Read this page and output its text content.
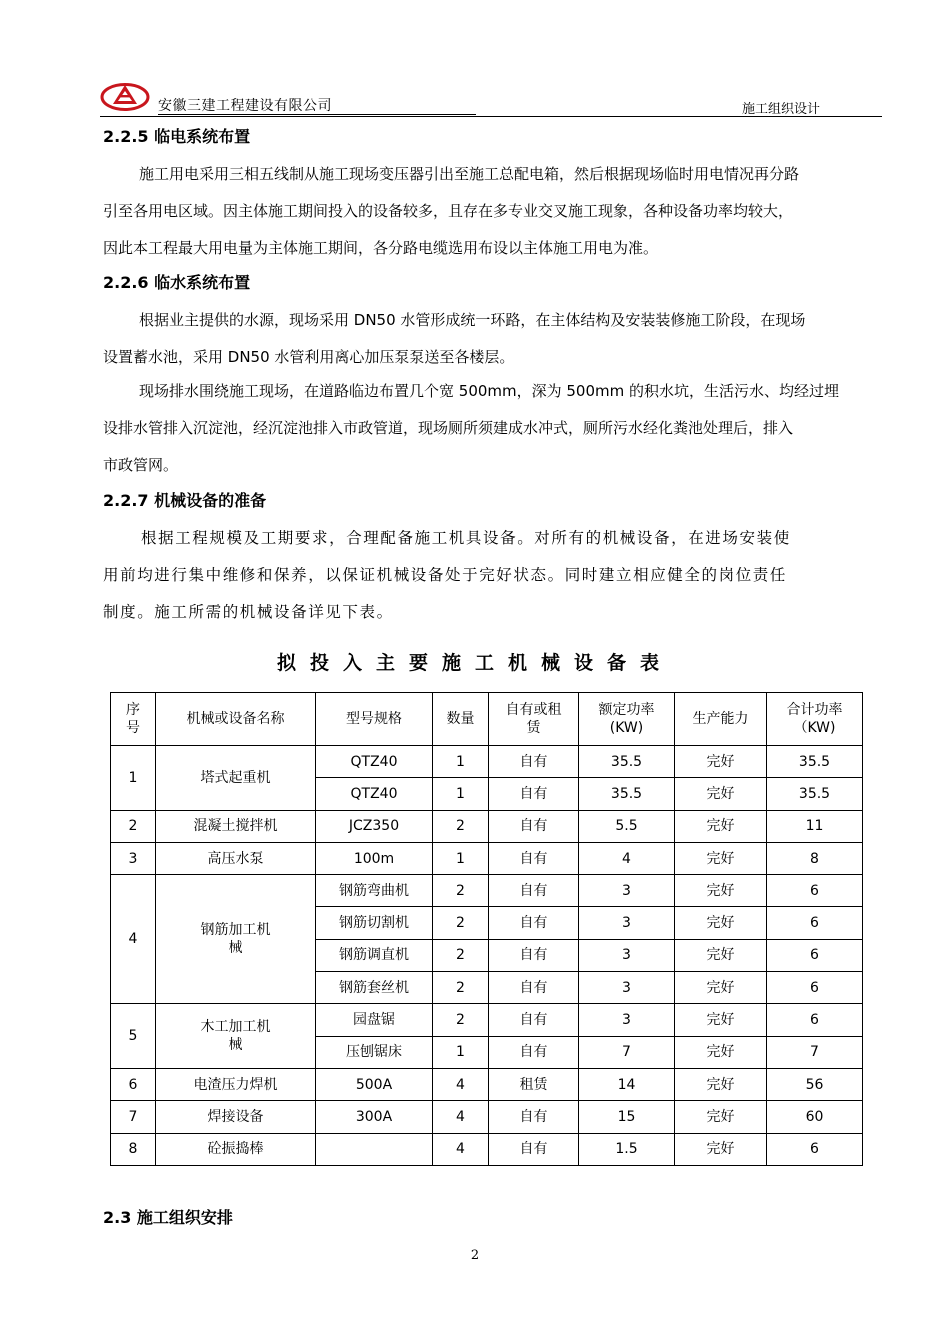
安徽三建工程建设有限公司	施工组织设计
2.2.5 临电系统布置
施工用电采用三相五线制从施工现场变压器引出至施工总配电箱，然后根据现场临时用电情况再分路
引至各用电区域。因主体施工期间投入的设备较多，且存在多专业交叉施工现象，各种设备功率均较大，
因此本工程最大用电量为主体施工期间，各分路电缆选用布设以主体施工用电为准。
2.2.6 临水系统布置
根据业主提供的水源，现场采用 DN50 水管形成统一环路，在主体结构及安装装修施工阶段，在现场
设置蓄水池，采用 DN50 水管利用离心加压泵泵送至各楼层。
现场排水围绕施工现场，在道路临边布置几个宽 500mm，深为 500mm 的积水坑，生活污水、均经过埋
设排水管排入沉淀池，经沉淀池排入市政管道，现场厕所须建成水冲式，厕所污水经化粪池处理后，排入
市政管网。
2.2.7 机械设备的准备
根据工程规模及工期要求，合理配备施工机具设备。对所有的机械设备，在进场安装使
用前均进行集中维修和保养，以保证机械设备处于完好状态。同时建立相应健全的岗位责任
制度。施工所需的机械设备详见下表。
拟投入主要施工机械设备表
序号	机械或设备名称	型号规格	数量	自有或租赁	额定功率(KW)	生产能力	合计功率（KW)
1	塔式起重机	QTZ40	1	自有	35.5	完好	35.5
		QTZ40	1	自有	35.5	完好	35.5
2	混凝土搅拌机	JCZ350	2	自有	5.5	完好	11
3	高压水泵	100m	1	自有	4	完好	8
4	钢筋加工机械	钢筋弯曲机	2	自有	3	完好	6
		钢筋切割机	2	自有	3	完好	6
		钢筋调直机	2	自有	3	完好	6
		钢筋套丝机	2	自有	3	完好	6
5	木工加工机械	园盘锯	2	自有	3	完好	6
		压刨锯床	1	自有	7	完好	7
6	电渣压力焊机	500A	4	租赁	14	完好	56
7	焊接设备	300A	4	自有	15	完好	60
8	砼振捣棒		4	自有	1.5	完好	6
2.3 施工组织安排
2
